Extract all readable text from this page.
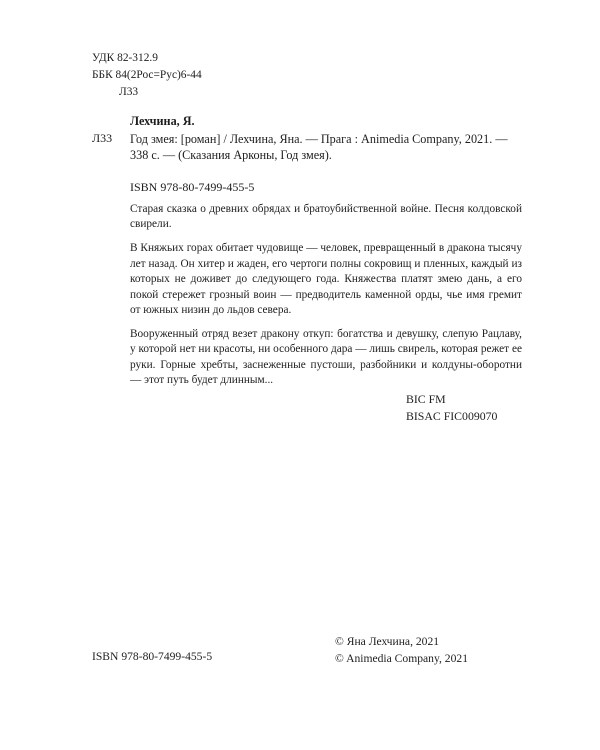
УДК 82-312.9
ББК 84(2Рос=Рус)6-44
Л33
Лехчина, Я.
Л33 Год змея: [роман] / Лехчина, Яна. — Прага : Animedia Company, 2021. — 338 с. — (Сказания Арконы, Год змея).
ISBN 978-80-7499-455-5

Старая сказка о древних обрядах и братоубийственной войне. Песня колдовской свирели.

В Княжьих горах обитает чудовище — человек, превращенный в дракона тысячу лет назад. Он хитер и жаден, его чертоги полны сокровищ и пленных, каждый из которых не доживет до следующего года. Княжества платят змею дань, а его покой стережет грозный воин — предводитель каменной орды, чье имя гремит от южных низин до льдов севера.

Вооруженный отряд везет дракону откуп: богатства и девушку, слепую Рацлаву, у которой нет ни красоты, ни особенного дара — лишь свирель, которая режет ее руки. Горные хребты, заснеженные пустоши, разбойники и колдуны-оборотни — этот путь будет длинным...

BIC FM
BISAC FIC009070
ISBN 978-80-7499-455-5
© Яна Лехчина, 2021
© Animedia Company, 2021
